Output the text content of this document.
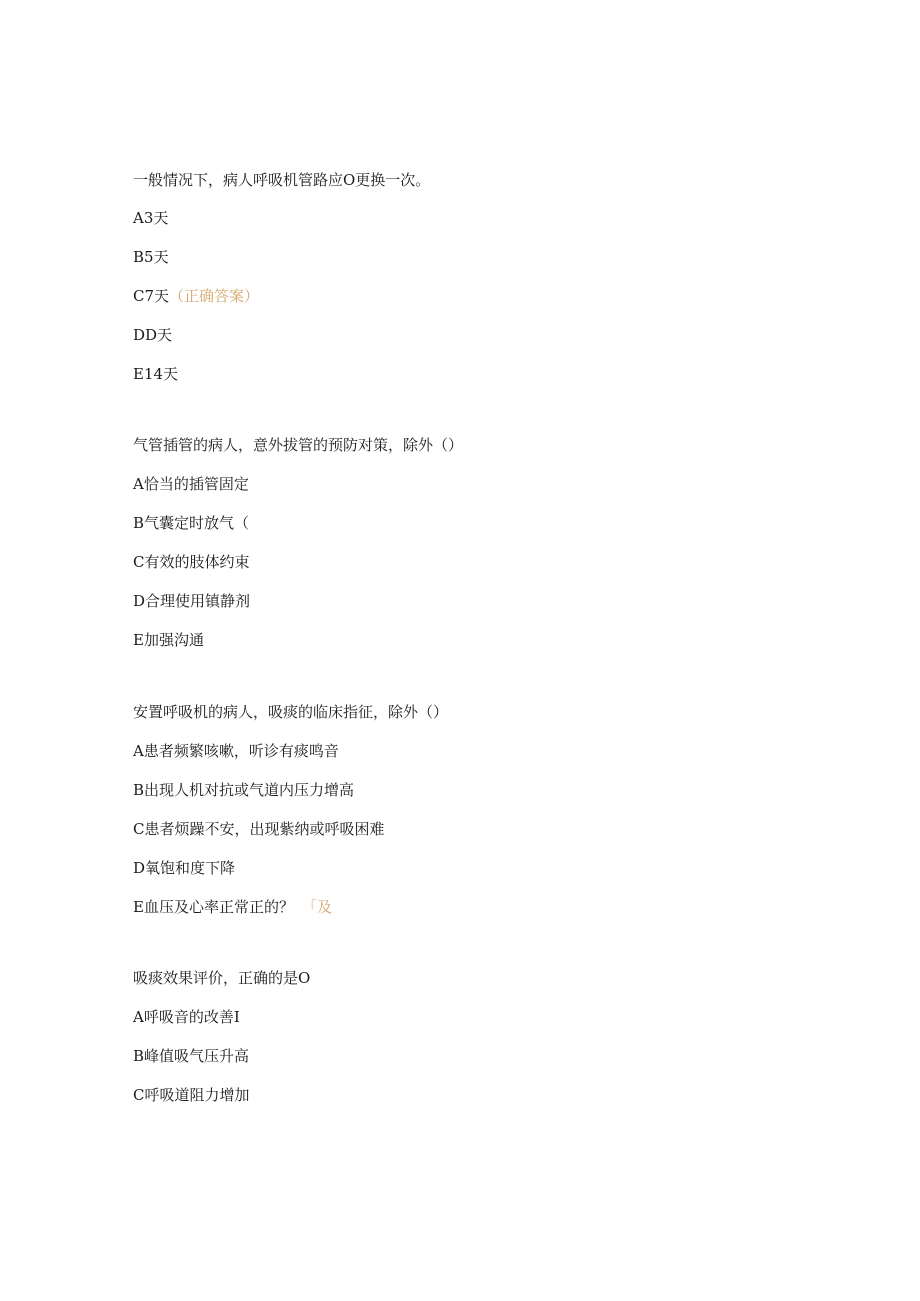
一般情况下，病人呼吸机管路应O更换一次。
A3天
B5天
C7天（正确答案）
DD天
E14天
气管插管的病人，意外拔管的预防对策，除外（）
A恰当的插管固定
B气囊定时放气（
C有效的肢体约束
D合理使用镇静剂
E加强沟通
安置呼吸机的病人，吸痰的临床指征，除外（）
A患者频繁咳嗽，听诊有痰鸣音
B出现人机对抗或气道内压力增高
C患者烦躁不安，出现紫纳或呼吸困难
D氧饱和度下降
E血压及心率正常正的？ 「及
吸痰效果评价，正确的是O
A呼吸音的改善I
B峰值吸气压升高
C呼吸道阻力增加
